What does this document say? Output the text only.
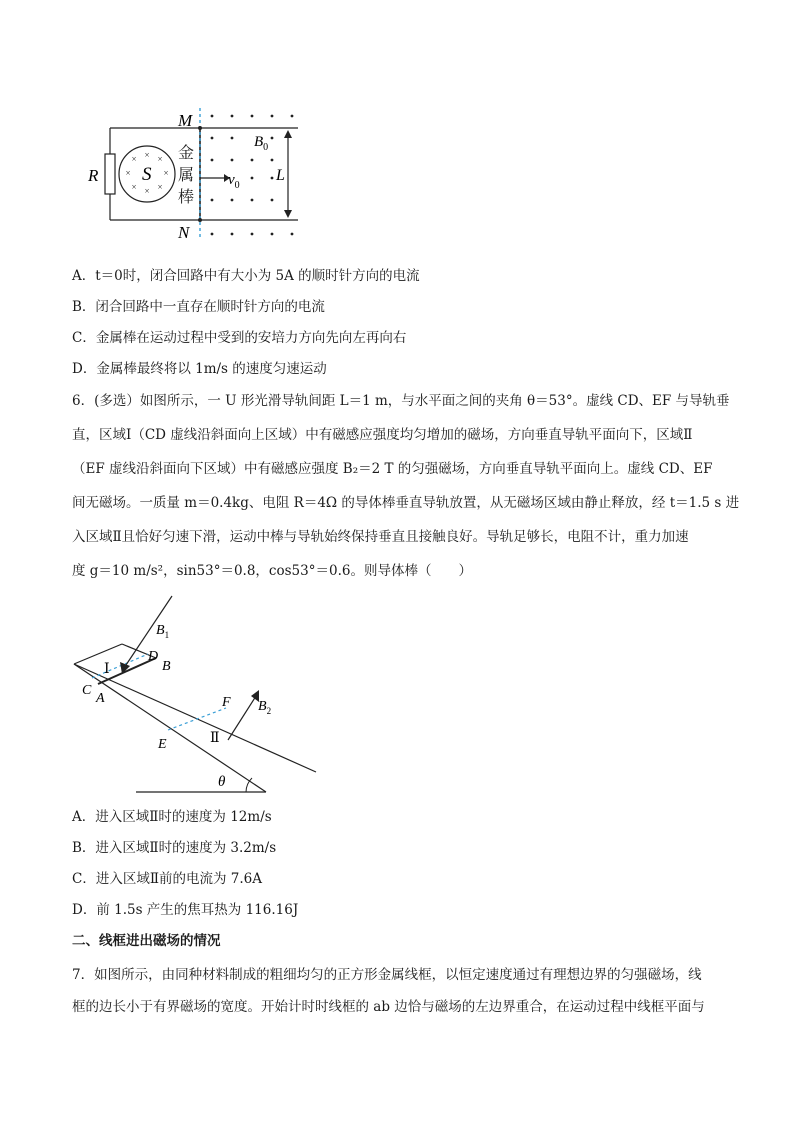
× × ×
×	×
× × ×
S
R
M
N
金
属
棒
$v_0$
$B_0$
L
A．t＝0时，闭合回路中有大小为 5A 的顺时针方向的电流
B．闭合回路中一直存在顺时针方向的电流
C．金属棒在运动过程中受到的安培力方向先向左再向右
D．金属棒最终将以 1m/s 的速度匀速运动
6．(多选）如图所示，一 U 形光滑导轨间距 L＝1 m，与水平面之间的夹角 θ＝53°。虚线 CD、EF 与导轨垂
直，区域Ⅰ（CD 虚线沿斜面向上区域）中有磁感应强度均匀增加的磁场，方向垂直导轨平面向下，区域Ⅱ
（EF 虚线沿斜面向下区域）中有磁感应强度 B₂＝2 T 的匀强磁场，方向垂直导轨平面向上。虚线 CD、EF
间无磁场。一质量 m＝0.4kg、电阻 R＝4Ω 的导体棒垂直导轨放置，从无磁场区域由静止释放，经 t＝1.5 s 进
入区域Ⅱ且恰好匀速下滑，运动中棒与导轨始终保持垂直且接触良好。导轨足够长，电阻不计，重力加速
度 g＝10 m/s²，sin53°＝0.8，cos53°＝0.6。则导体棒（　　）
θ
$B_1$
$B_2$
Ⅰ
Ⅱ
A
B
C
D
E
F
A．进入区域Ⅱ时的速度为 12m/s
B．进入区域Ⅱ时的速度为 3.2m/s
C．进入区域Ⅱ前的电流为 7.6A
D．前 1.5s 产生的焦耳热为 116.16J
二、线框进出磁场的情况
7．如图所示，由同种材料制成的粗细均匀的正方形金属线框，以恒定速度通过有理想边界的匀强磁场，线
框的边长小于有界磁场的宽度。开始计时时线框的 ab 边恰与磁场的左边界重合，在运动过程中线框平面与
